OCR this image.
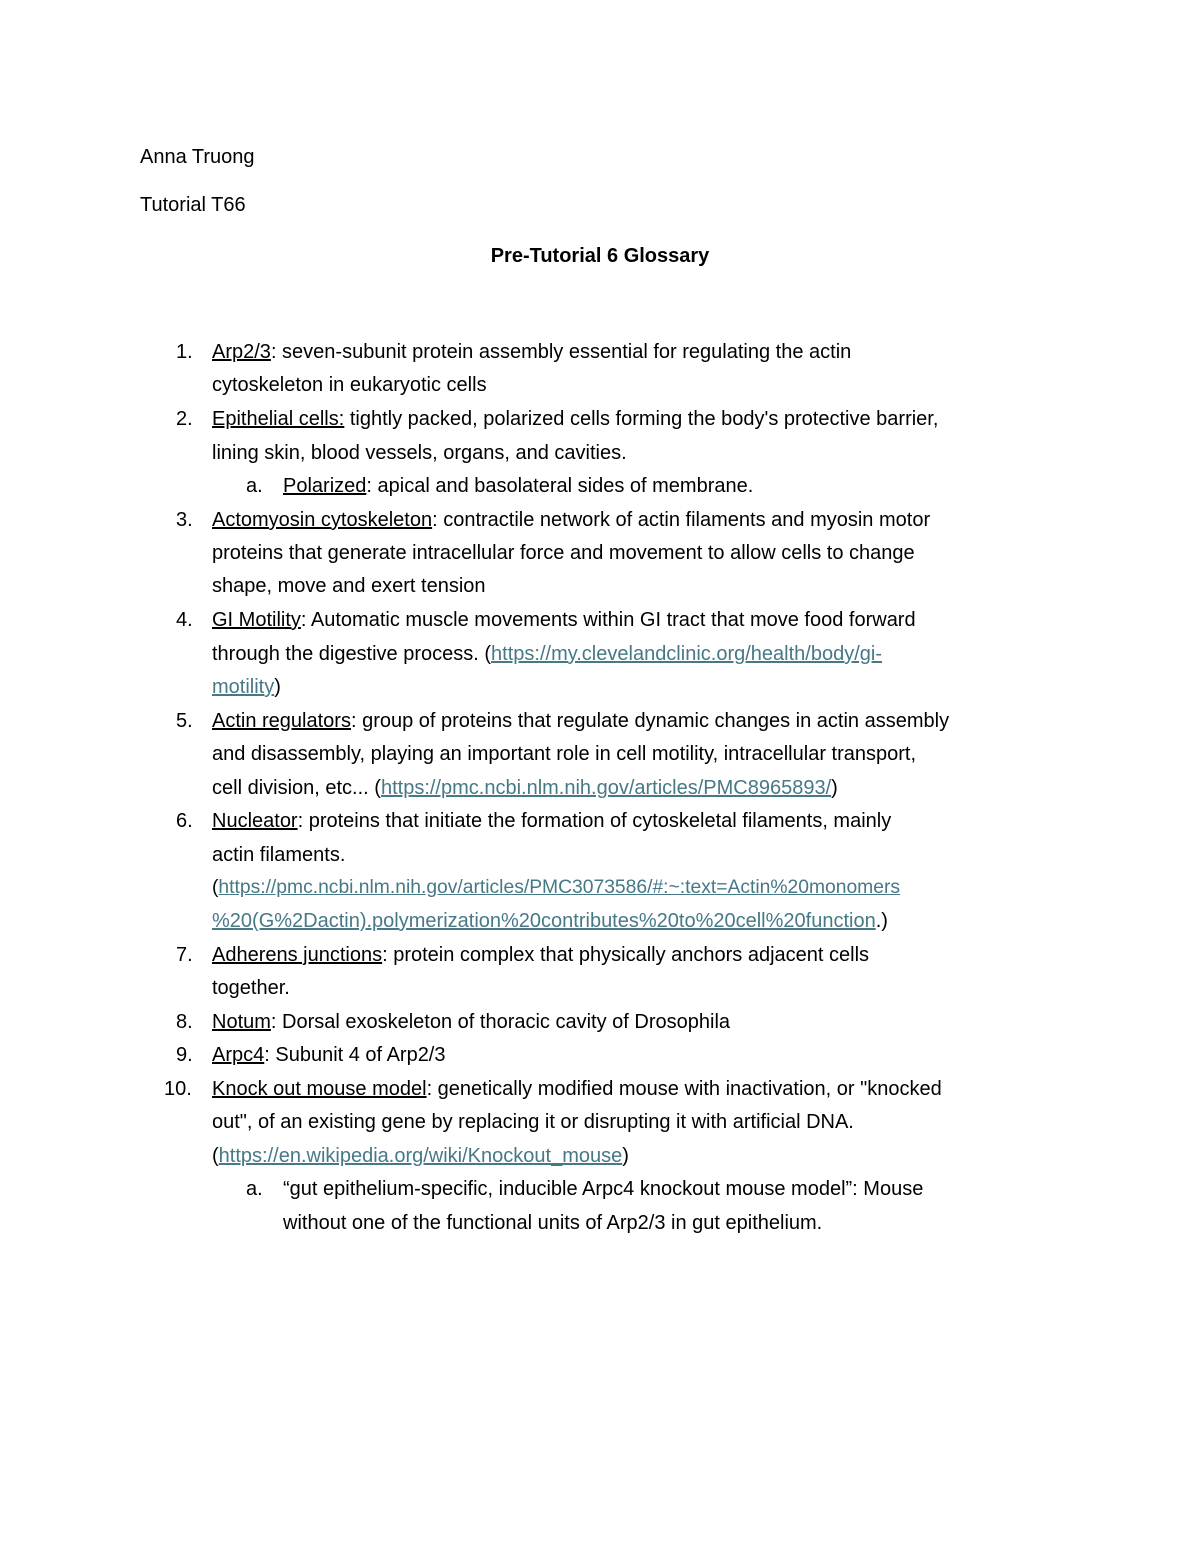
Anna Truong
Tutorial T66
Pre-Tutorial 6 Glossary
1. Arp2/3: seven-subunit protein assembly essential for regulating the actin
cytoskeleton in eukaryotic cells
2. Epithelial cells: tightly packed, polarized cells forming the body's protective barrier,
lining skin, blood vessels, organs, and cavities.
a. Polarized: apical and basolateral sides of membrane.
3. Actomyosin cytoskeleton: contractile network of actin filaments and myosin motor
proteins that generate intracellular force and movement to allow cells to change
shape, move and exert tension
4. GI Motility: Automatic muscle movements within GI tract that move food forward
through the digestive process. (https://my.clevelandclinic.org/health/body/gi-
motility)
5. Actin regulators: group of proteins that regulate dynamic changes in actin assembly
and disassembly, playing an important role in cell motility, intracellular transport,
cell division, etc... (https://pmc.ncbi.nlm.nih.gov/articles/PMC8965893/)
6. Nucleator: proteins that initiate the formation of cytoskeletal filaments, mainly
actin filaments.
(https://pmc.ncbi.nlm.nih.gov/articles/PMC3073586/#:~:text=Actin%20monomers
%20(G%2Dactin).polymerization%20contributes%20to%20cell%20function.)
7. Adherens junctions: protein complex that physically anchors adjacent cells
together.
8. Notum: Dorsal exoskeleton of thoracic cavity of Drosophila
9. Arpc4: Subunit 4 of Arp2/3
10. Knock out mouse model: genetically modified mouse with inactivation, or "knocked
out", of an existing gene by replacing it or disrupting it with artificial DNA.
(https://en.wikipedia.org/wiki/Knockout_mouse)
a. “gut epithelium-specific, inducible Arpc4 knockout mouse model”: Mouse
without one of the functional units of Arp2/3 in gut epithelium.
